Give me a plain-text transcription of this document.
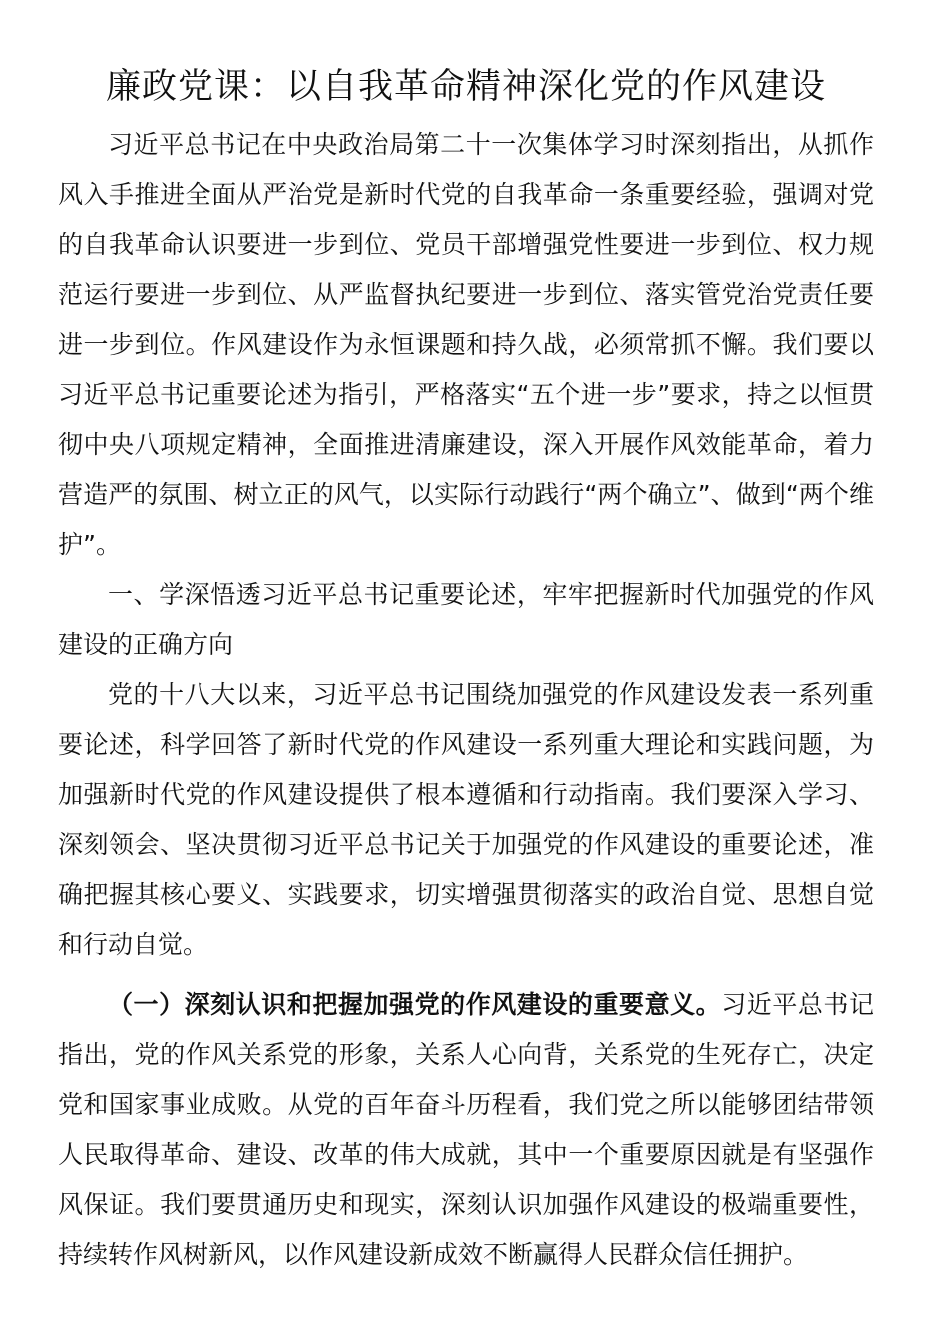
廉政党课：以自我革命精神深化党的作风建设

习近平总书记在中央政治局第二十一次集体学习时深刻指出，从抓作风入手推进全面从严治党是新时代党的自我革命一条重要经验，强调对党的自我革命认识要进一步到位、党员干部增强党性要进一步到位、权力规范运行要进一步到位、从严监督执纪要进一步到位、落实管党治党责任要进一步到位。作风建设作为永恒课题和持久战，必须常抓不懈。我们要以习近平总书记重要论述为指引，严格落实“五个进一步”要求，持之以恒贯彻中央八项规定精神，全面推进清廉建设，深入开展作风效能革命，着力营造严的氛围、树立正的风气，以实际行动践行“两个确立”、做到“两个维护”。

一、学深悟透习近平总书记重要论述，牢牢把握新时代加强党的作风建设的正确方向

党的十八大以来，习近平总书记围绕加强党的作风建设发表一系列重要论述，科学回答了新时代党的作风建设一系列重大理论和实践问题，为加强新时代党的作风建设提供了根本遵循和行动指南。我们要深入学习、深刻领会、坚决贯彻习近平总书记关于加强党的作风建设的重要论述，准确把握其核心要义、实践要求，切实增强贯彻落实的政治自觉、思想自觉和行动自觉。

（一）深刻认识和把握加强党的作风建设的重要意义。习近平总书记指出，党的作风关系党的形象，关系人心向背，关系党的生死存亡，决定党和国家事业成败。从党的百年奋斗历程看，我们党之所以能够团结带领人民取得革命、建设、改革的伟大成就，其中一个重要原因就是有坚强作风保证。我们要贯通历史和现实，深刻认识加强作风建设的极端重要性，持续转作风树新风，以作风建设新成效不断赢得人民群众信任拥护。
